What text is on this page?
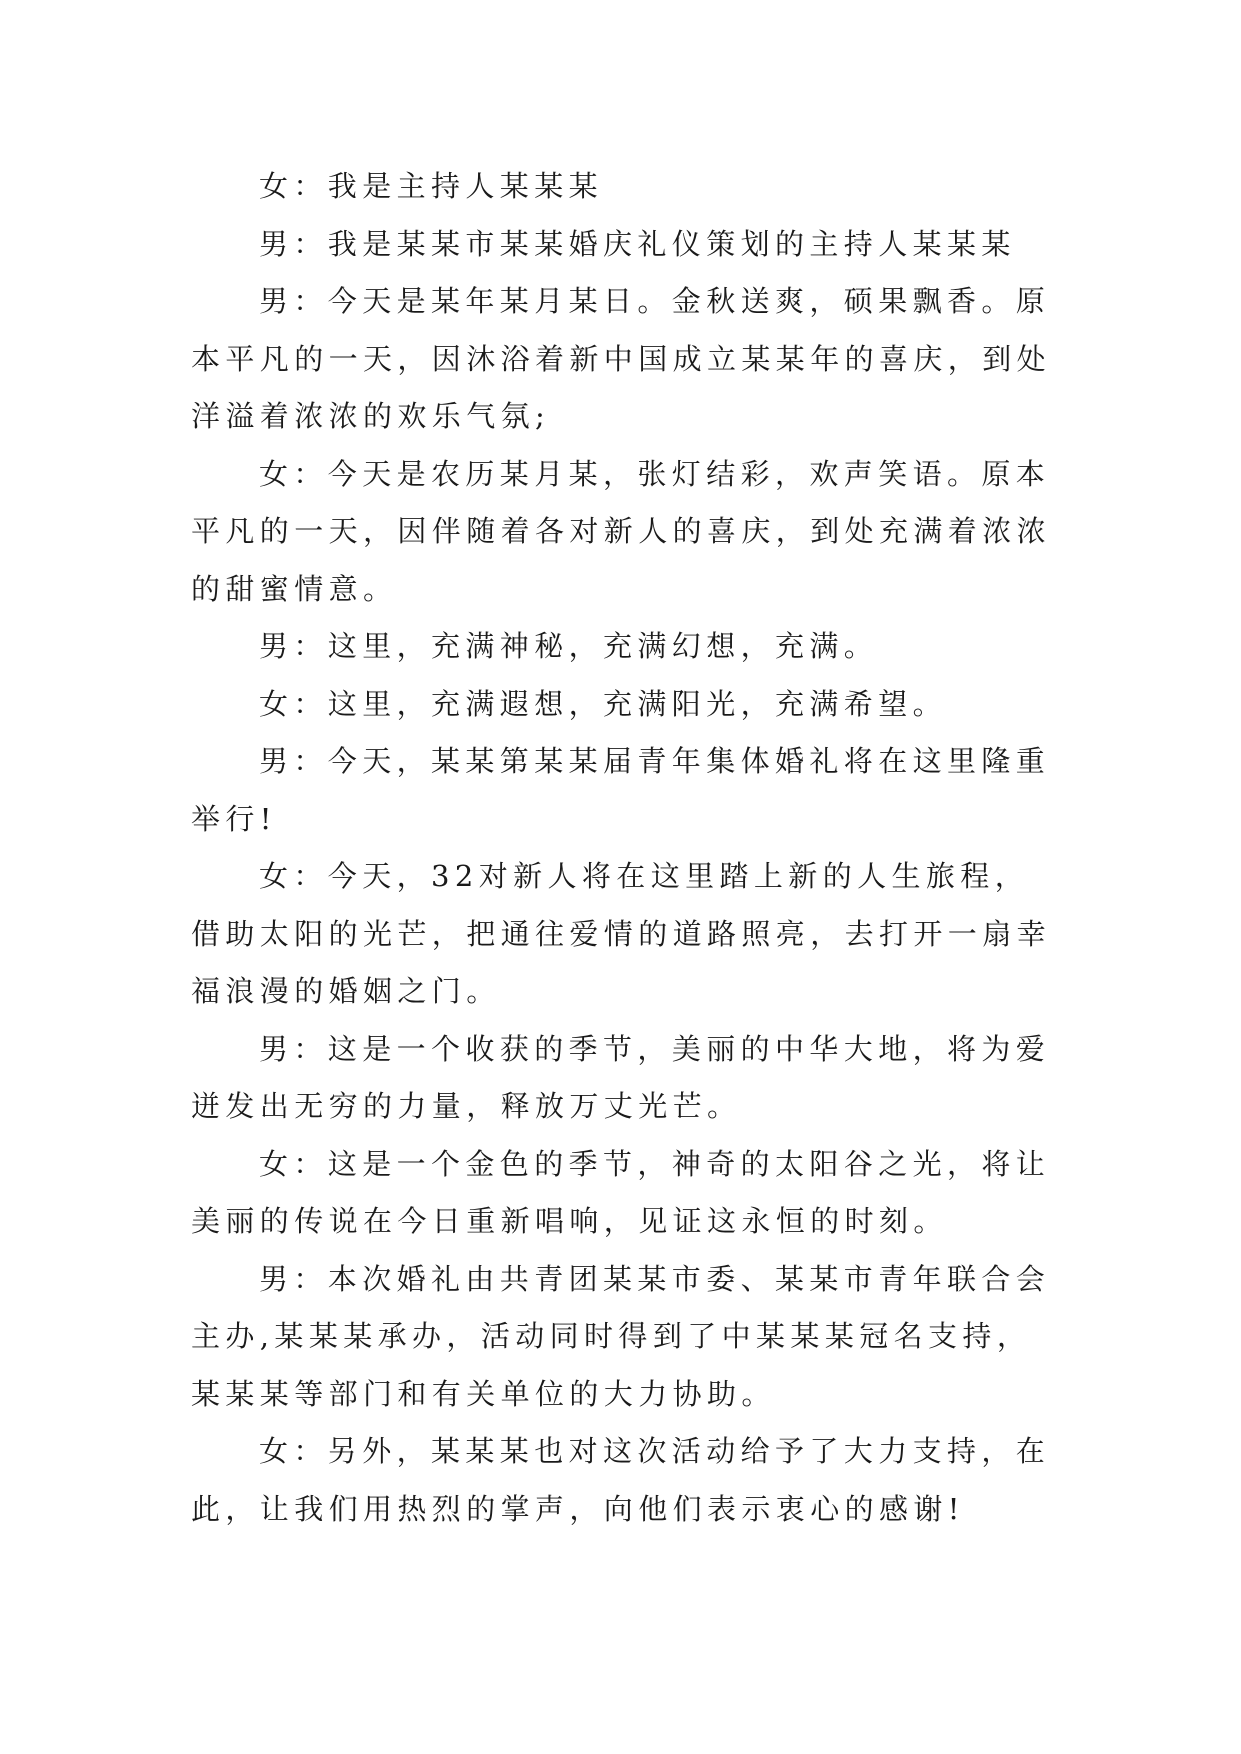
女：我是主持人某某某

男：我是某某市某某婚庆礼仪策划的主持人某某某

男：今天是某年某月某日。金秋送爽，硕果飘香。原本平凡的一天，因沐浴着新中国成立某某年的喜庆，到处洋溢着浓浓的欢乐气氛;

女：今天是农历某月某，张灯结彩，欢声笑语。原本平凡的一天，因伴随着各对新人的喜庆，到处充满着浓浓的甜蜜情意。

男：这里，充满神秘，充满幻想，充满。

女：这里，充满遐想，充满阳光，充满希望。

男：今天，某某第某某届青年集体婚礼将在这里隆重举行!

女：今天，32对新人将在这里踏上新的人生旅程，借助太阳的光芒，把通往爱情的道路照亮，去打开一扇幸福浪漫的婚姻之门。

男：这是一个收获的季节，美丽的中华大地，将为爱迸发出无穷的力量，释放万丈光芒。

女：这是一个金色的季节，神奇的太阳谷之光，将让美丽的传说在今日重新唱响，见证这永恒的时刻。

男：本次婚礼由共青团某某市委、某某市青年联合会主办,某某某承办，活动同时得到了中某某某冠名支持，某某某等部门和有关单位的大力协助。

女：另外，某某某也对这次活动给予了大力支持，在此，让我们用热烈的掌声，向他们表示衷心的感谢!
